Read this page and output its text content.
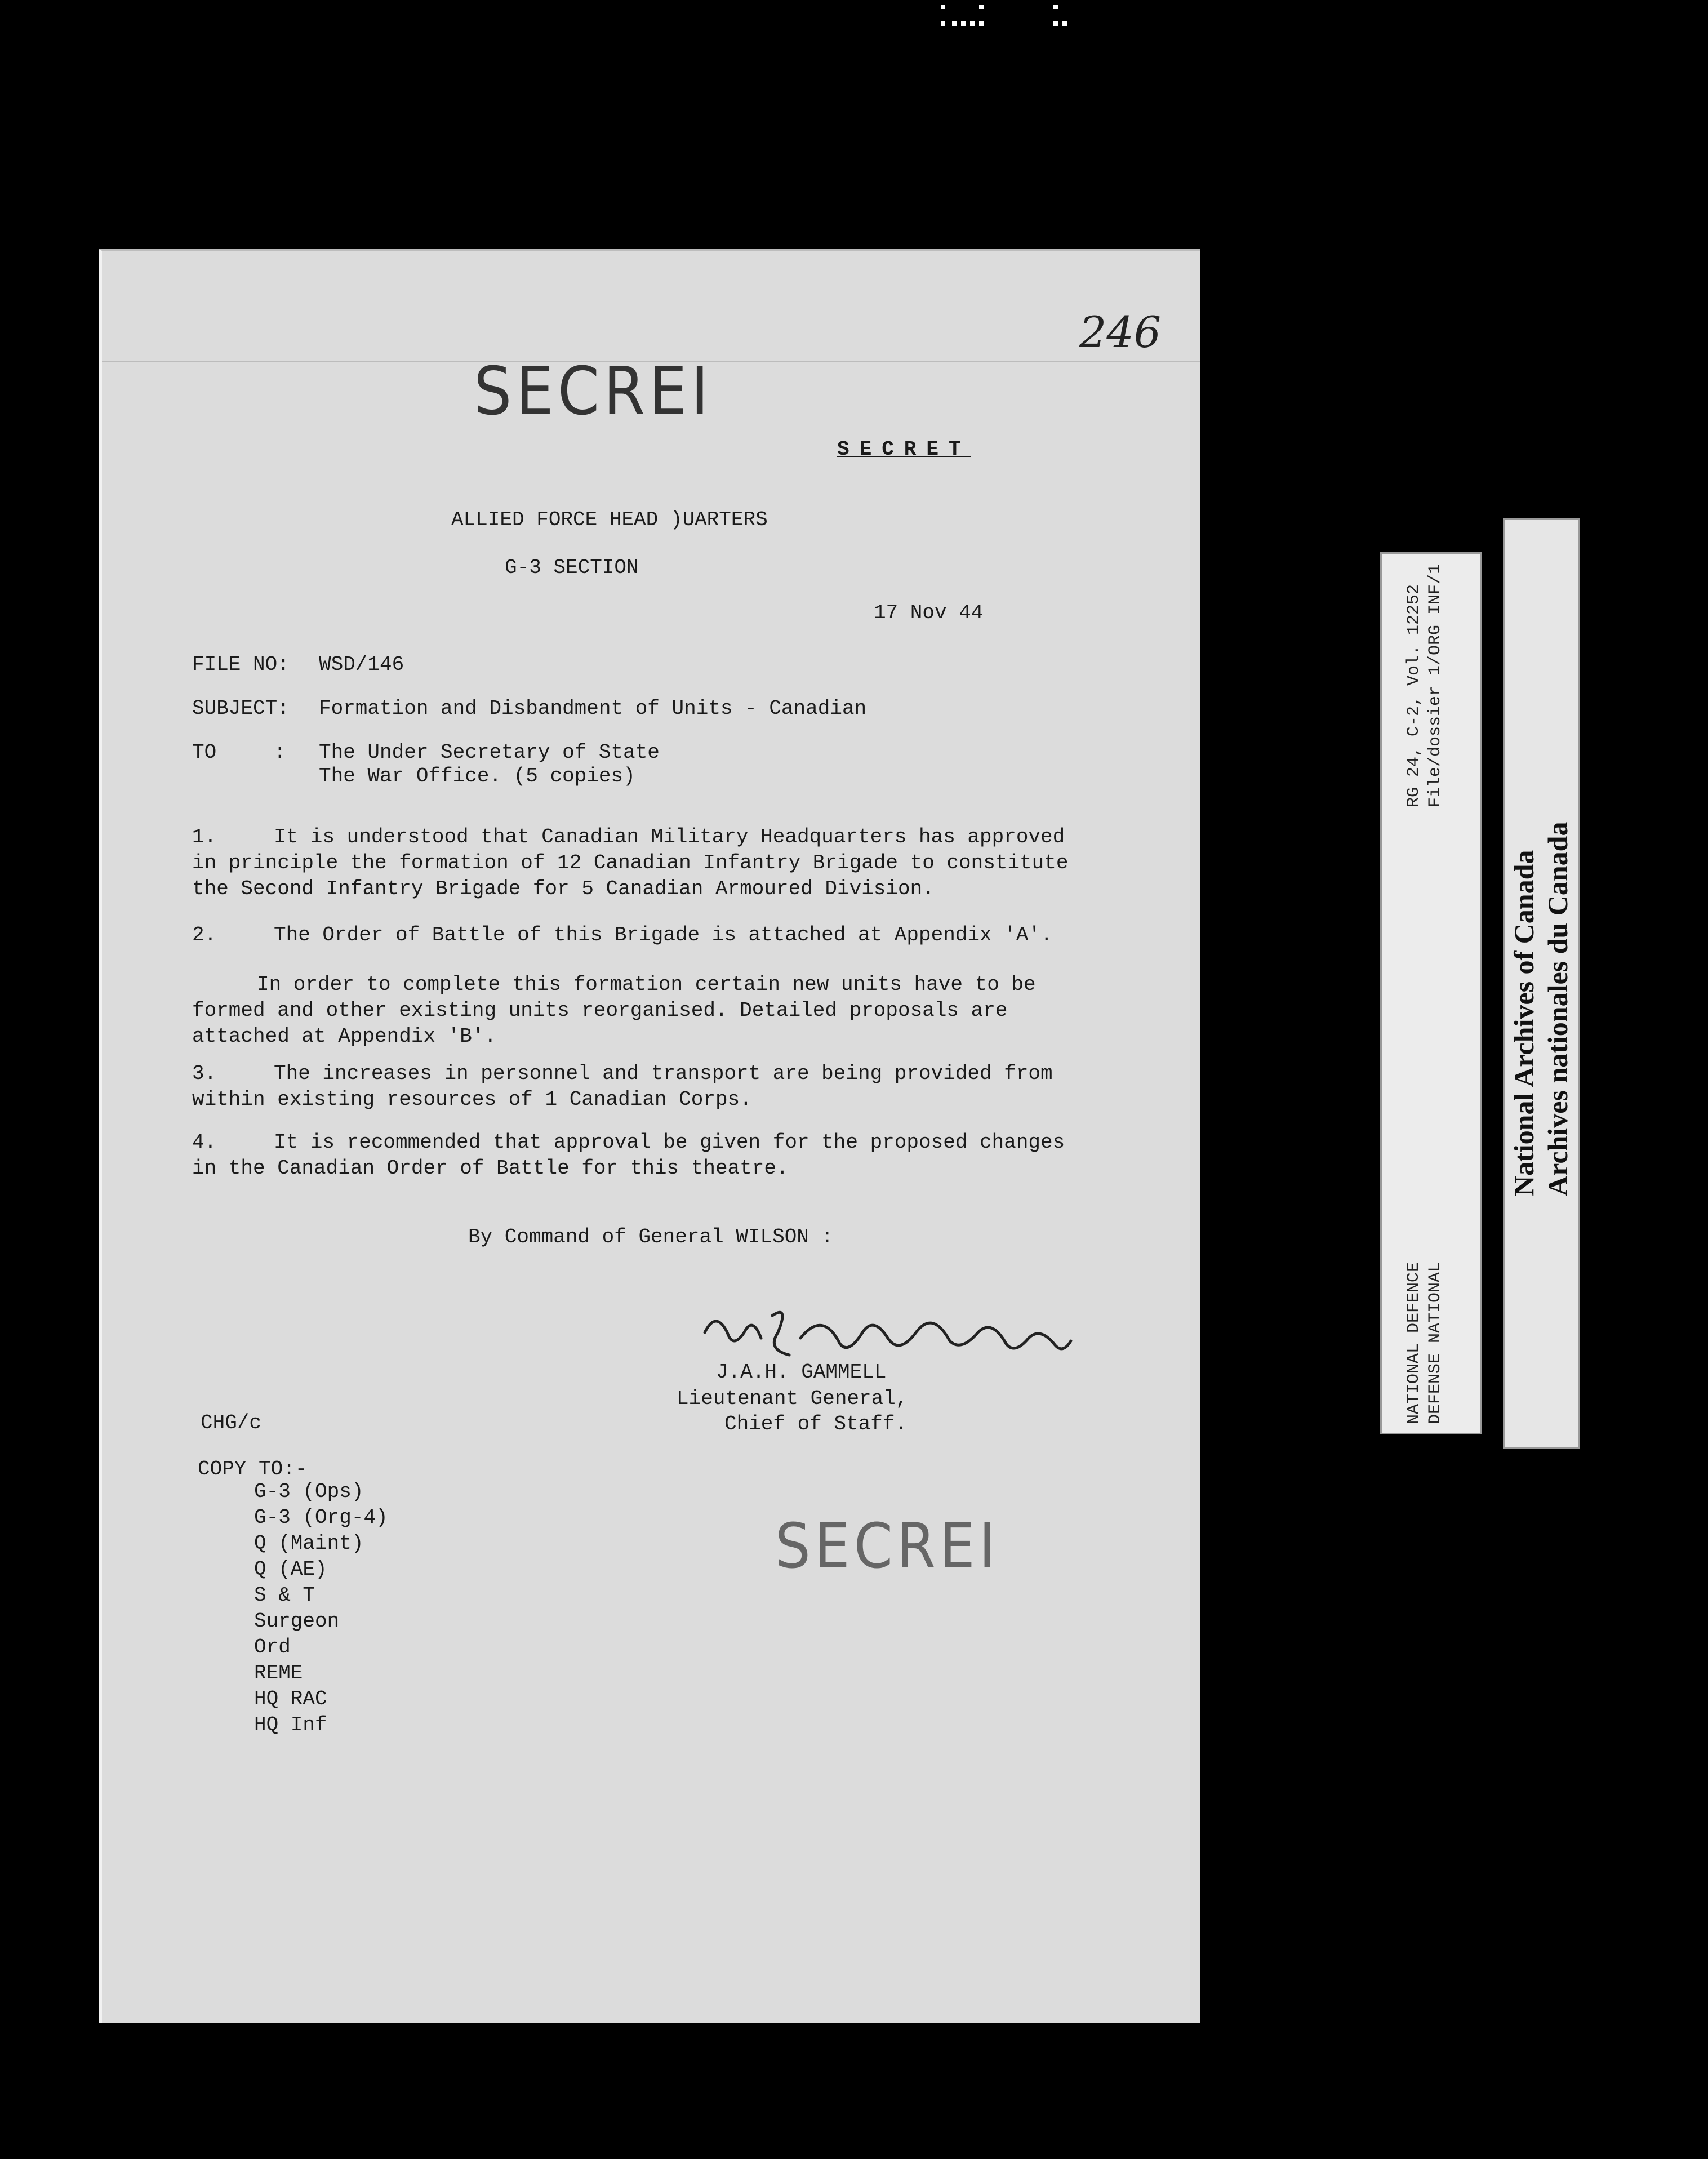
246
SECREI
SECRET
ALLIED FORCE HEAD )UARTERS
G-3 SECTION
17 Nov 44
FILE NO: WSD/146
SUBJECT: Formation and Disbandment of Units - Canadian
TO	: The Under Secretary of State
The War Office. (5 copies)
1.	It is understood that Canadian Military Headquarters has approved
in principle the formation of 12 Canadian Infantry Brigade to constitute
the Second Infantry Brigade for 5 Canadian Armoured Division.
2.	The Order of Battle of this Brigade is attached at Appendix 'A'.
In order to complete this formation certain new units have to be
formed and other existing units reorganised. Detailed proposals are
attached at Appendix 'B'.
3.	The increases in personnel and transport are being provided from
within existing resources of 1 Canadian Corps.
4.	It is recommended that approval be given for the proposed changes
in the Canadian Order of Battle for this theatre.
By Command of General WILSON :
J.A.H. GAMMELL
Lieutenant General,
Chief of Staff.
CHG/c
COPY TO:-
G-3 (Ops)
G-3 (Org-4)
Q (Maint)
Q (AE)
S & T
Surgeon
Ord
REME
HQ RAC
HQ Inf
SECREI
RG 24, C-2, Vol. 12252 File/dossier 1/ORG INF/1
NATIONAL DEFENCE DEFENSE NATIONAL
National Archives of Canada Archives nationales du Canada
